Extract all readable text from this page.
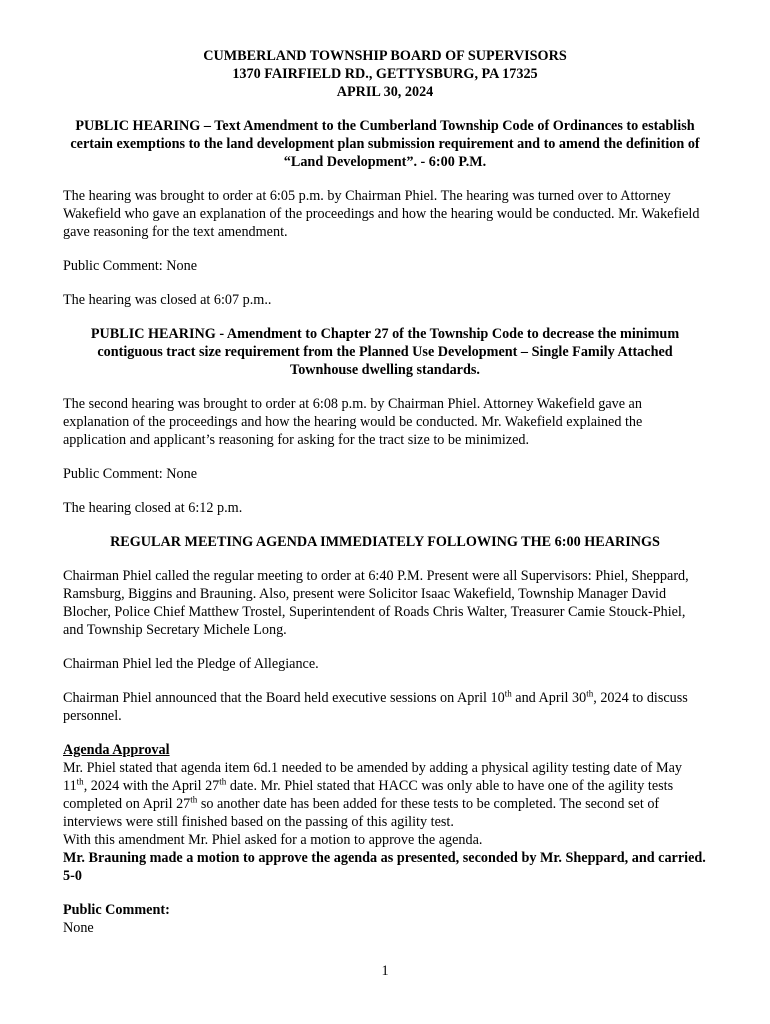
CUMBERLAND TOWNSHIP BOARD OF SUPERVISORS

1370 FAIRFIELD RD., GETTYSBURG, PA 17325

APRIL 30, 2024

PUBLIC HEARING – Text Amendment to the Cumberland Township Code of Ordinances to establish certain exemptions to the land development plan submission requirement and to amend the definition of “Land Development”. - 6:00 P.M.

The hearing was brought to order at 6:05 p.m. by Chairman Phiel. The hearing was turned over to Attorney Wakefield who gave an explanation of the proceedings and how the hearing would be conducted. Mr. Wakefield gave reasoning for the text amendment.

Public Comment: None

The hearing was closed at 6:07 p.m..

PUBLIC HEARING - Amendment to Chapter 27 of the Township Code to decrease the minimum contiguous tract size requirement from the Planned Use Development – Single Family Attached Townhouse dwelling standards.

The second hearing was brought to order at 6:08 p.m. by Chairman Phiel. Attorney Wakefield gave an explanation of the proceedings and how the hearing would be conducted. Mr. Wakefield explained the application and applicant’s reasoning for asking for the tract size to be minimized.

Public Comment: None

The hearing closed at 6:12 p.m.

REGULAR MEETING AGENDA IMMEDIATELY FOLLOWING THE 6:00 HEARINGS

Chairman Phiel called the regular meeting to order at 6:40 P.M. Present were all Supervisors: Phiel, Sheppard, Ramsburg, Biggins and Brauning. Also, present were Solicitor Isaac Wakefield, Township Manager David Blocher, Police Chief Matthew Trostel, Superintendent of Roads Chris Walter, Treasurer Camie Stouck-Phiel, and Township Secretary Michele Long.

Chairman Phiel led the Pledge of Allegiance.

Chairman Phiel announced that the Board held executive sessions on April 10th and April 30th, 2024 to discuss personnel.

Agenda Approval

Mr. Phiel stated that agenda item 6d.1 needed to be amended by adding a physical agility testing date of May 11th, 2024 with the April 27th date. Mr. Phiel stated that HACC was only able to have one of the agility tests completed on April 27th so another date has been added for these tests to be completed. The second set of interviews were still finished based on the passing of this agility test.

With this amendment Mr. Phiel asked for a motion to approve the agenda.

Mr. Brauning made a motion to approve the agenda as presented, seconded by Mr. Sheppard, and carried. 5-0

Public Comment:

None

1
